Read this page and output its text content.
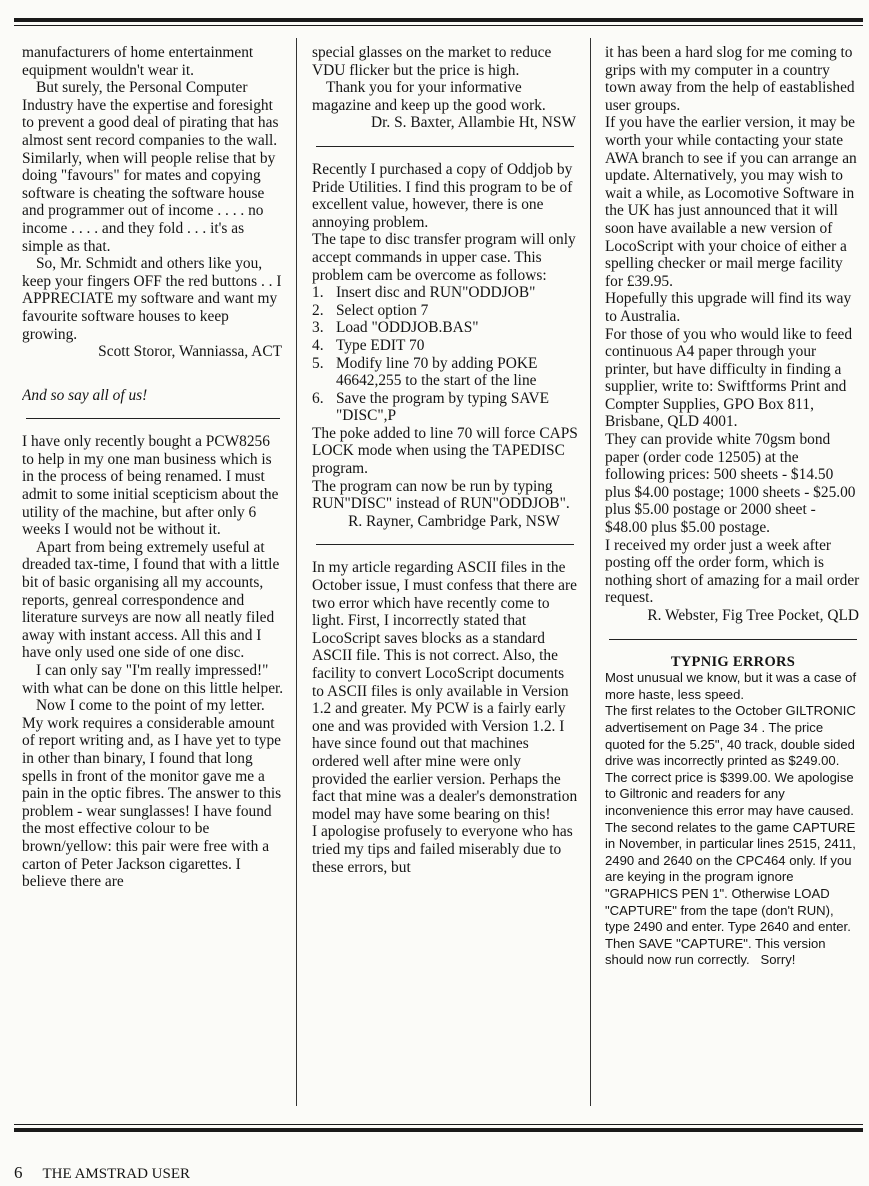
manufacturers of home entertainment equipment wouldn't wear it.

But surely, the Personal Computer Industry have the expertise and foresight to prevent a good deal of pirating that has almost sent record companies to the wall. Similarly, when will people relise that by doing "favours" for mates and copying software is cheating the software house and programmer out of income . . . . no income . . . . and they fold . . . it's as simple as that.

So, Mr. Schmidt and others like you, keep your fingers OFF the red buttons . . I APPRECIATE my software and want my favourite software houses to keep growing.

Scott Storor, Wanniassa, ACT

And so say all of us!

I have only recently bought a PCW8256 to help in my one man business which is in the process of being renamed. I must admit to some initial scepticism about the utility of the machine, but after only 6 weeks I would not be without it.

Apart from being extremely useful at dreaded tax-time, I found that with a little bit of basic organising all my accounts, reports, genreal correspondence and literature surveys are now all neatly filed away with instant access. All this and I have only used one side of one disc.

I can only say "I'm really impressed!" with what can be done on this little helper.

Now I come to the point of my letter. My work requires a considerable amount of report writing and, as I have yet to type in other than binary, I found that long spells in front of the monitor gave me a pain in the optic fibres. The answer to this problem - wear sunglasses! I have found the most effective colour to be brown/yellow: this pair were free with a carton of Peter Jackson cigarettes. I believe there are

special glasses on the market to reduce VDU flicker but the price is high.

Thank you for your informative magazine and keep up the good work.

Dr. S. Baxter, Allambie Ht, NSW

Recently I purchased a copy of Oddjob by Pride Utilities. I find this program to be of excellent value, however, there is one annoying problem.

The tape to disc transfer program will only accept commands in upper case. This problem cam be overcome as follows:

1. Insert disc and RUN"ODDJOB"
2. Select option 7
3. Load "ODDJOB.BAS"
4. Type EDIT 70
5. Modify line 70 by adding POKE 46642,255 to the start of the line
6. Save the program by typing SAVE "DISC",P

The poke added to line 70 will force CAPS LOCK mode when using the TAPEDISC program.

The program can now be run by typing RUN"DISC" instead of RUN"ODDJOB".

R. Rayner, Cambridge Park, NSW

In my article regarding ASCII files in the October issue, I must confess that there are two error which have recently come to light. First, I incorrectly stated that LocoScript saves blocks as a standard ASCII file. This is not correct. Also, the facility to convert LocoScript documents to ASCII files is only available in Version 1.2 and greater. My PCW is a fairly early one and was provided with Version 1.2. I have since found out that machines ordered well after mine were only provided the earlier version. Perhaps the fact that mine was a dealer's demonstration model may have some bearing on this!

I apologise profusely to everyone who has tried my tips and failed miserably due to these errors, but

it has been a hard slog for me coming to grips with my computer in a country town away from the help of eastablished user groups.

If you have the earlier version, it may be worth your while contacting your state AWA branch to see if you can arrange an update. Alternatively, you may wish to wait a while, as Locomotive Software in the UK has just announced that it will soon have available a new version of LocoScript with your choice of either a spelling checker or mail merge facility for £39.95.

Hopefully this upgrade will find its way to Australia.

For those of you who would like to feed continuous A4 paper through your printer, but have difficulty in finding a supplier, write to: Swiftforms Print and Compter Supplies, GPO Box 811, Brisbane, QLD 4001.

They can provide white 70gsm bond paper (order code 12505) at the following prices: 500 sheets - $14.50 plus $4.00 postage; 1000 sheets - $25.00 plus $5.00 postage or 2000 sheet - $48.00 plus $5.00 postage.

I received my order just a week after posting off the order form, which is nothing short of amazing for a mail order request.

R. Webster, Fig Tree Pocket, QLD

TYPNIG ERRORS

Most unusual we know, but it was a case of more haste, less speed.

The first relates to the October GILTRONIC advertisement on Page 34 . The price quoted for the 5.25", 40 track, double sided drive was incorrectly printed as $249.00. The correct price is $399.00. We apologise to Giltronic and readers for any inconvenience this error may have caused.

The second relates to the game CAPTURE in November, in particular lines 2515, 2411, 2490 and 2640 on the CPC464 only. If you are keying in the program ignore "GRAPHICS PEN 1". Otherwise LOAD "CAPTURE" from the tape (don't RUN), type 2490 and enter. Type 2640 and enter. Then SAVE "CAPTURE". This version should now run correctly. Sorry!

6 THE AMSTRAD USER
